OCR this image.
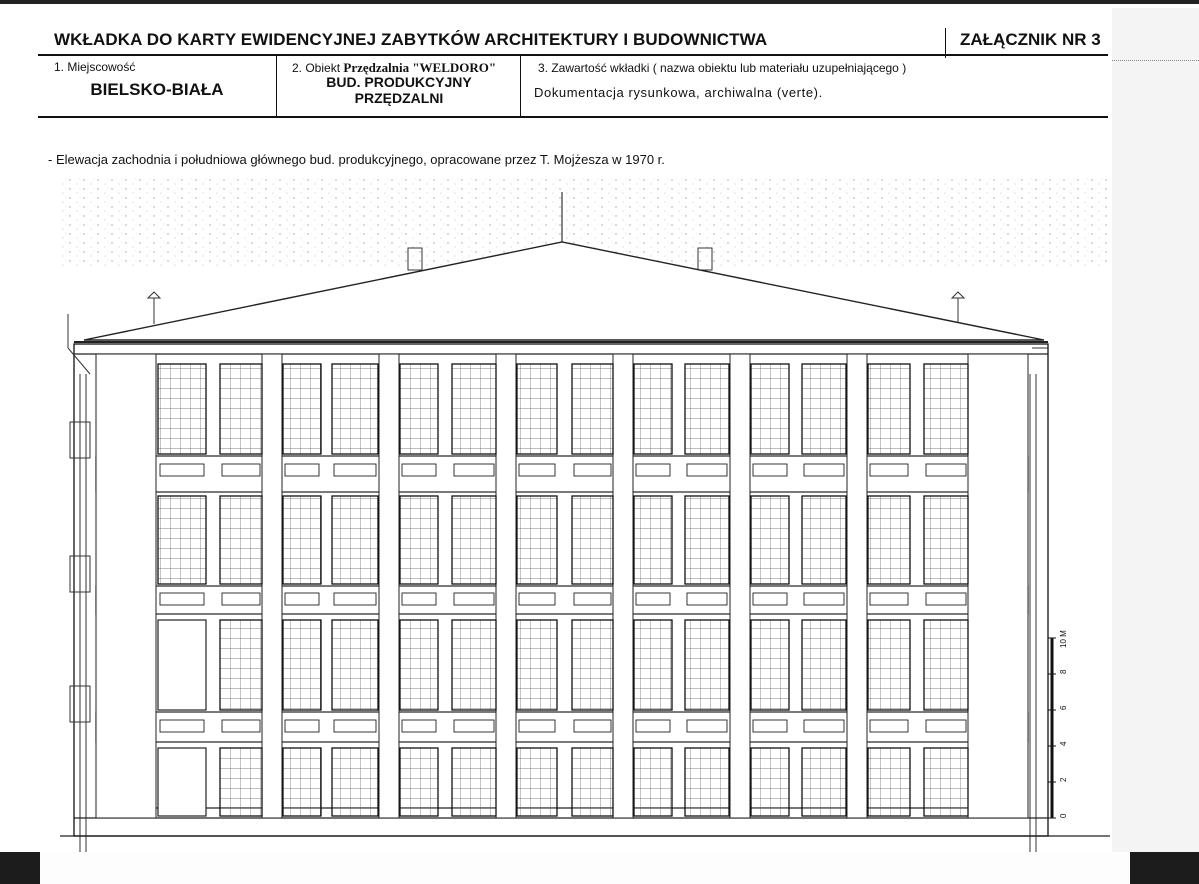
WKŁADKA DO KARTY EWIDENCYJNEJ ZABYTKÓW ARCHITEKTURY I BUDOWNICTWA	ZAŁĄCZNIK NR 3
1. Miejscowość
BIELSKO-BIAŁA
2. Obiekt Przędzalnia "WELDORO"
BUD. PRODUKCYJNY
PRZĘDZALNI
3. Zawartość wkładki ( nazwa obiektu lub materiału uzupełniającego )
Dokumentacja rysunkowa, archiwalna (verte).
- Elewacja zachodnia i południowa głównego bud. produkcyjnego, opracowane przez T. Mojżesza w 1970 r.
0
2
4
6
8
10 M
